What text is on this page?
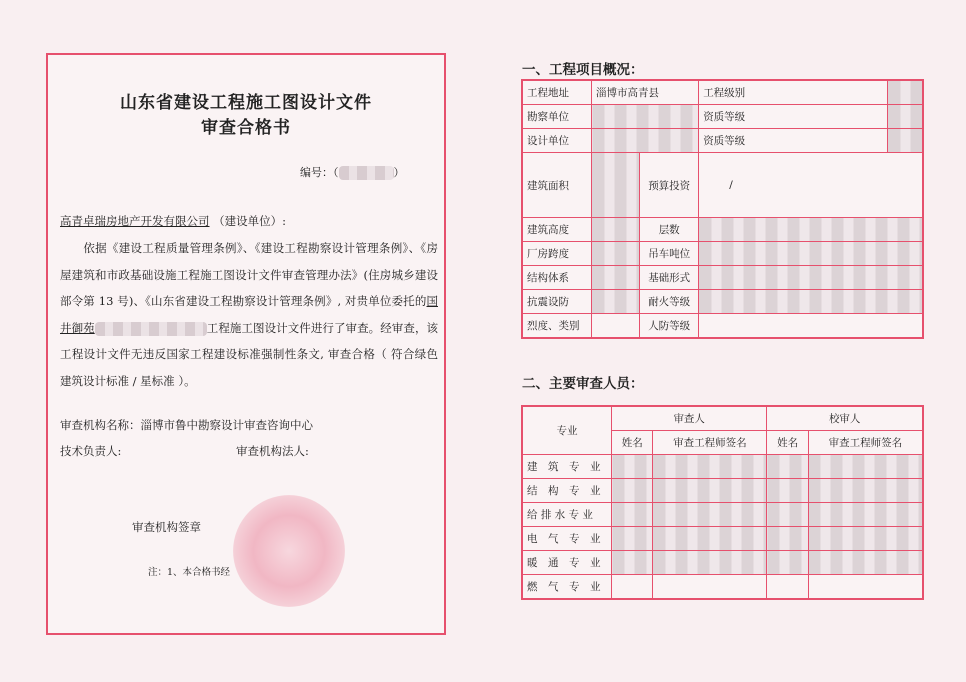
山东省建设工程施工图设计文件
审查合格书
编号：（	）
高青卓瑞房地产开发有限公司 （建设单位）:
  依据《建设工程质量管理条例》、《建设工程勘察设计管理条例》、《房屋建筑和市政基础设施工程施工图设计文件审查管理办法》(住房城乡建设部令第 13 号)、《山东省建设工程勘察设计管理条例》, 对贵单位委托的国井御苑	工程施工图设计文件进行了审查。经审查，该工程设计文件无违反国家工程建设标准强制性条文, 审查合格（ 符合绿色建筑设计标准 / 星标准 ）。
审查机构名称：淄博市鲁中勘察设计审查咨询中心
技术负责人:	审查机构法人:
审查机构签章
注：1、本合格书经
一、工程项目概况：
工程地址	淄博市高青县		工程级别	
勘察单位			资质等级	
设计单位			资质等级	
建筑面积		预算投资	/	
建筑高度		层数		
厂房跨度		吊车吨位		
结构体系		基础形式		
抗震设防		耐火等级		
烈度、类别		人防等级		
二、主要审查人员：
专业	审查人		校审人	
	姓名	审查工程师签名	姓名	审查工程师签名
建　筑　专　业				
结　构　专　业				
给 排 水 专 业				
电　气　专　业				
暖　通　专　业				
燃　气　专　业				
